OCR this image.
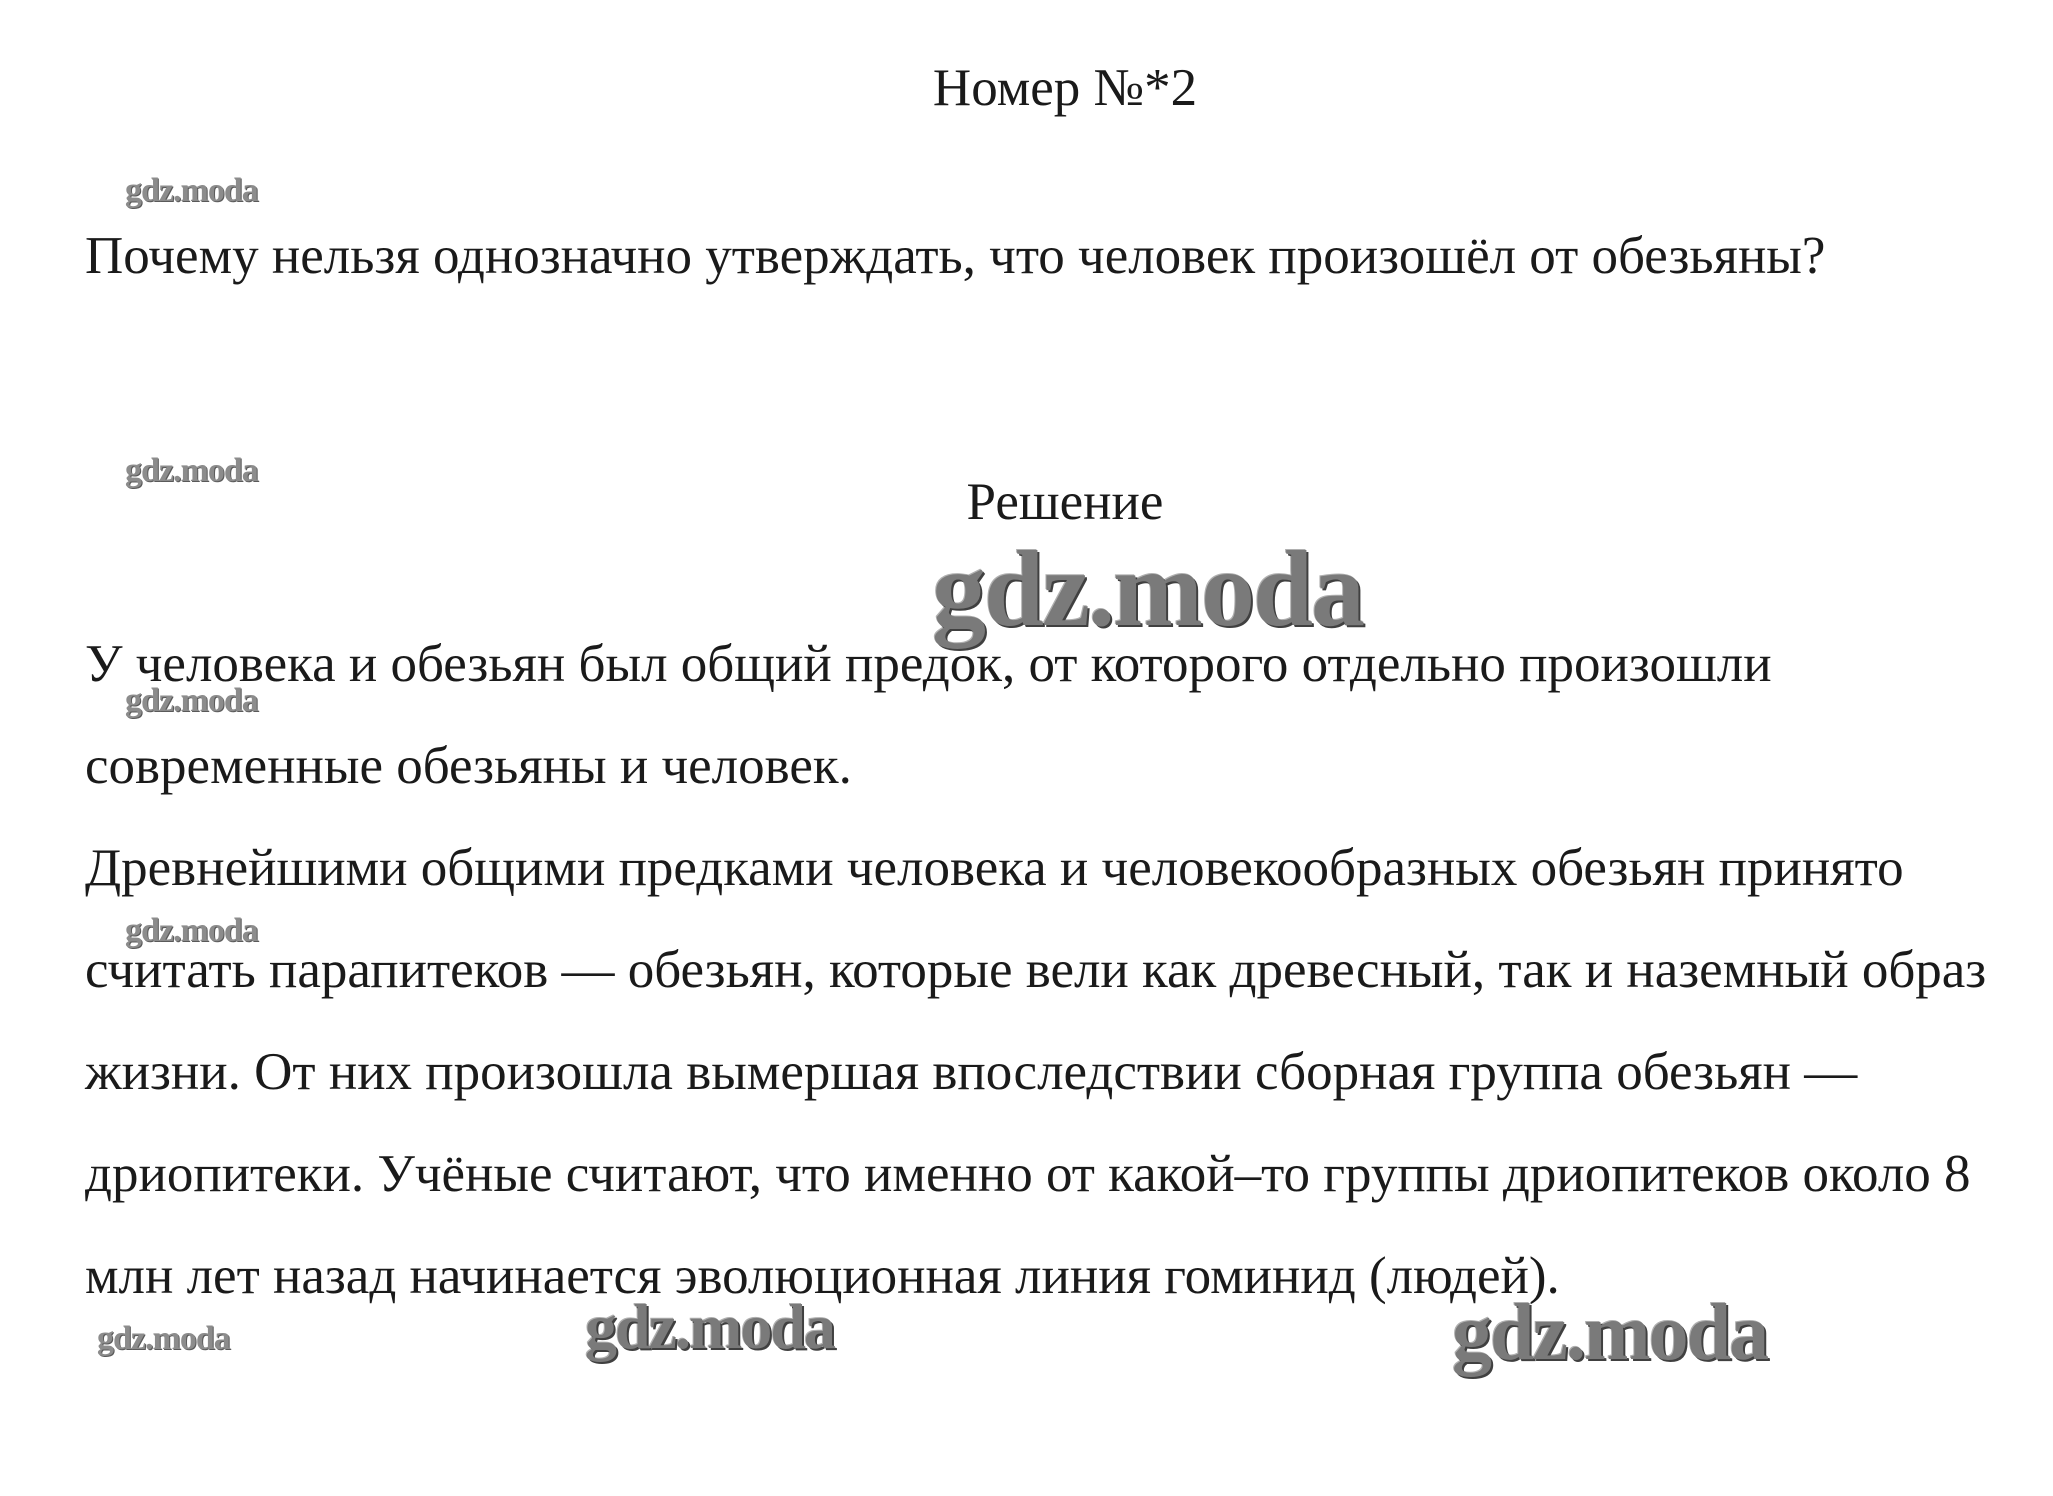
Номер №*2

Почему нельзя однозначно утверждать, что человек произошёл от обезьяны?

Решение

У человека и обезьян был общий предок, от которого отдельно произошли современные обезьяны и человек.

Древнейшими общими предками человека и человекообразных обезьян принято считать парапитеков — обезьян, которые вели как древесный, так и наземный образ жизни. От них произошла вымершая впоследствии сборная группа обезьян — дриопитеки. Учёные считают, что именно от какой–то группы дриопитеков около 8 млн лет назад начинается эволюционная линия гоминид (людей).

gdz.moda
gdz.moda
gdz.moda
gdz.moda
gdz.moda
gdz.moda
gdz.moda	gdz.moda
